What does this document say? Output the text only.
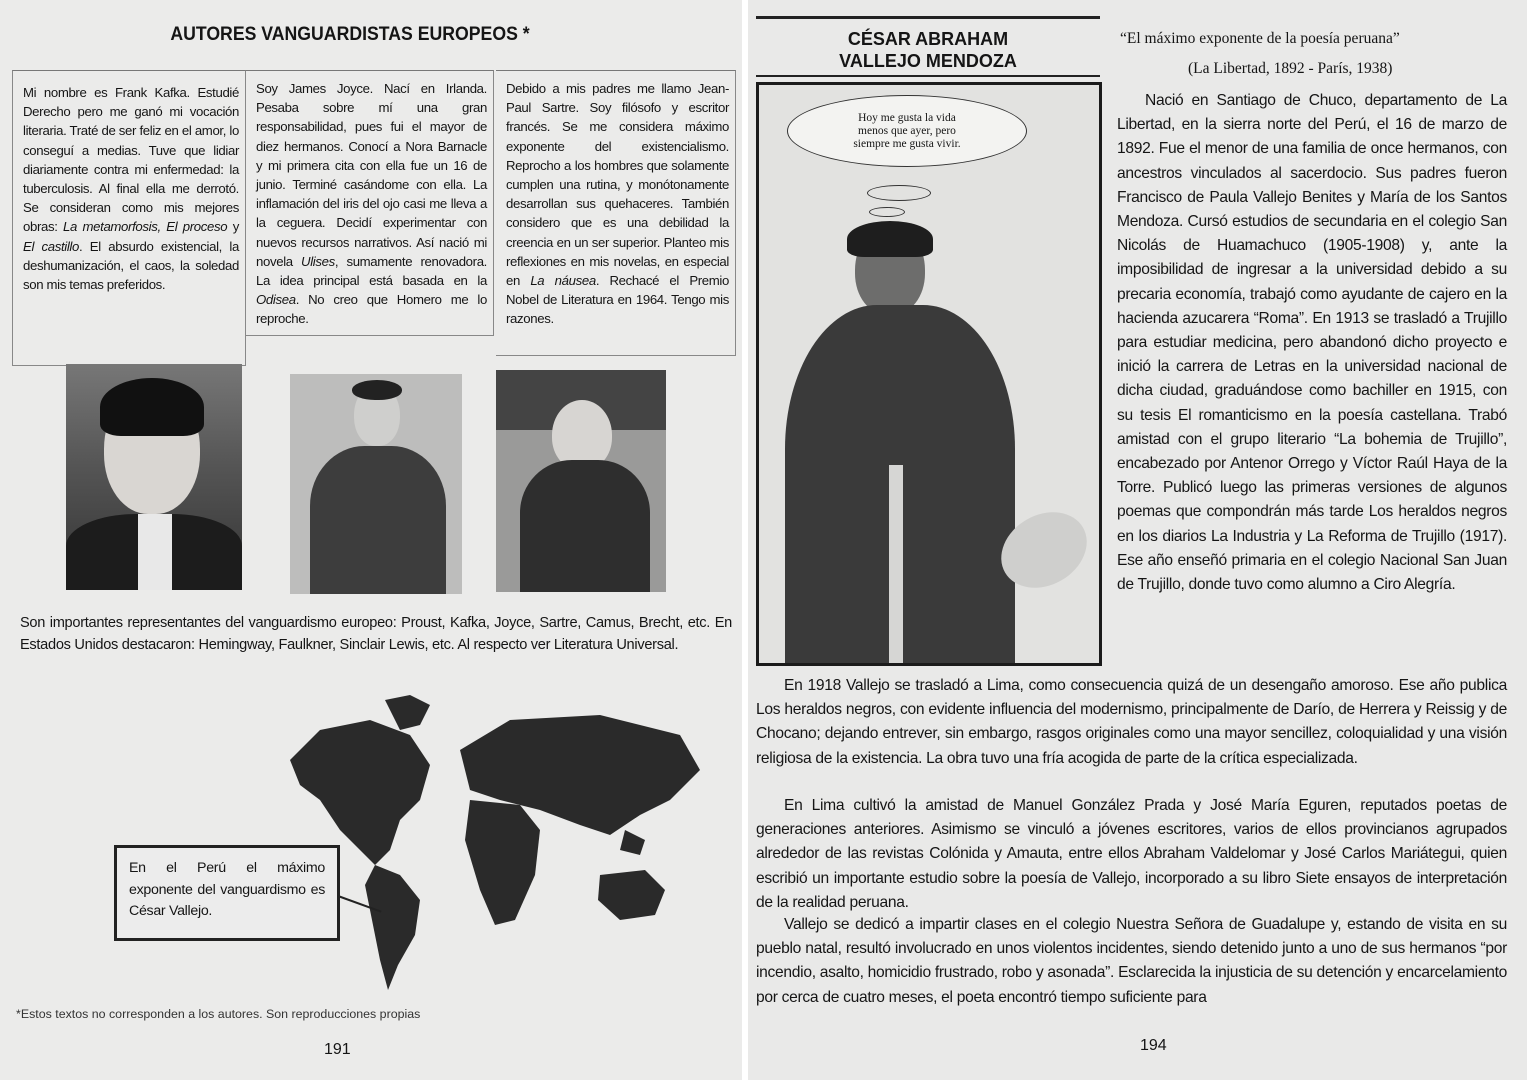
AUTORES VANGUARDISTAS EUROPEOS *

Mi nombre es Frank Kafka. Estudié Derecho pero me ganó mi vocación literaria. Traté de ser feliz en el amor, lo conseguí a medias. Tuve que lidiar diariamente contra mi enfermedad: la tuberculosis. Al final ella me derrotó. Se consideran como mis mejores obras: La metamorfosis, El proceso y El castillo. El absurdo existencial, la deshumanización, el caos, la soledad son mis temas preferidos.

Soy James Joyce. Nací en Irlanda. Pesaba sobre mí una gran responsabilidad, pues fui el mayor de diez hermanos. Conocí a Nora Barnacle y mi primera cita con ella fue un 16 de junio. Terminé casándome con ella. La inflamación del iris del ojo casi me lleva a la ceguera. Decidí experimentar con nuevos recursos narrativos. Así nació mi novela Ulises, sumamente renovadora. La idea principal está basada en la Odisea. No creo que Homero me lo reproche.

Debido a mis padres me llamo Jean-Paul Sartre. Soy filósofo y escritor francés. Se me considera máximo exponente del existencialismo. Reprocho a los hombres que solamente cumplen una rutina, y monótonamente desarrollan sus quehaceres. También considero que es una debilidad la creencia en un ser superior. Planteo mis reflexiones en mis novelas, en especial en La náusea. Rechacé el Premio Nobel de Literatura en 1964. Tengo mis razones.

Son importantes representantes del vanguardismo europeo: Proust, Kafka, Joyce, Sartre, Camus, Brecht, etc. En Estados Unidos destacaron: Hemingway, Faulkner, Sinclair Lewis, etc. Al respecto ver Literatura Universal.

En el Perú el máximo exponente del vanguardismo es César Vallejo.
*Estos textos no corresponden a los autores. Son reproducciones propias
191
CÉSAR ABRAHAM
VALLEJO MENDOZA
“El máximo exponente de la poesía peruana”
(La Libertad, 1892 - París, 1938)
Hoy me gusta la vida
menos que ayer, pero
siempre me gusta vivir.
Nació en Santiago de Chuco, departamento de La Libertad, en la sierra norte del Perú, el 16 de marzo de 1892. Fue el menor de una familia de once hermanos, con ancestros vinculados al sacerdocio. Sus padres fueron Francisco de Paula Vallejo Benites y María de los Santos Mendoza. Cursó estudios de secundaria en el colegio San Nicolás de Huamachuco (1905-1908) y, ante la imposibilidad de ingresar a la universidad debido a su precaria economía, trabajó como ayudante de cajero en la hacienda azucarera “Roma”. En 1913 se trasladó a Trujillo para estudiar medicina, pero abandonó dicho proyecto e inició la carrera de Letras en la universidad nacional de dicha ciudad, graduándose como bachiller en 1915, con su tesis El romanticismo en la poesía castellana. Trabó amistad con el grupo literario “La bohemia de Trujillo”, encabezado por Antenor Orrego y Víctor Raúl Haya de la Torre. Publicó luego las primeras versiones de algunos poemas que compondrán más tarde Los heraldos negros en los diarios La Industria y La Reforma de Trujillo (1917). Ese año enseñó primaria en el colegio Nacional San Juan de Trujillo, donde tuvo como alumno a Ciro Alegría.
En 1918 Vallejo se trasladó a Lima, como consecuencia quizá de un desengaño amoroso. Ese año publica Los heraldos negros, con evidente influencia del modernismo, principalmente de Darío, de Herrera y Reissig y de Chocano; dejando entrever, sin embargo, rasgos originales como una mayor sencillez, coloquialidad y una visión religiosa de la existencia. La obra tuvo una fría acogida de parte de la crítica especializada.
En Lima cultivó la amistad de Manuel González Prada y José María Eguren, reputados poetas de generaciones anteriores. Asimismo se vinculó a jóvenes escritores, varios de ellos provincianos agrupados alrededor de las revistas Colónida y Amauta, entre ellos Abraham Valdelomar y José Carlos Mariátegui, quien escribió un importante estudio sobre la poesía de Vallejo, incorporado a su libro Siete ensayos de interpretación de la realidad peruana.
Vallejo se dedicó a impartir clases en el colegio Nuestra Señora de Guadalupe y, estando de visita en su pueblo natal, resultó involucrado en unos violentos incidentes, siendo detenido junto a uno de sus hermanos “por incendio, asalto, homicidio frustrado, robo y asonada”. Esclarecida la injusticia de su detención y encarcelamiento por cerca de cuatro meses, el poeta encontró tiempo suficiente para
194
